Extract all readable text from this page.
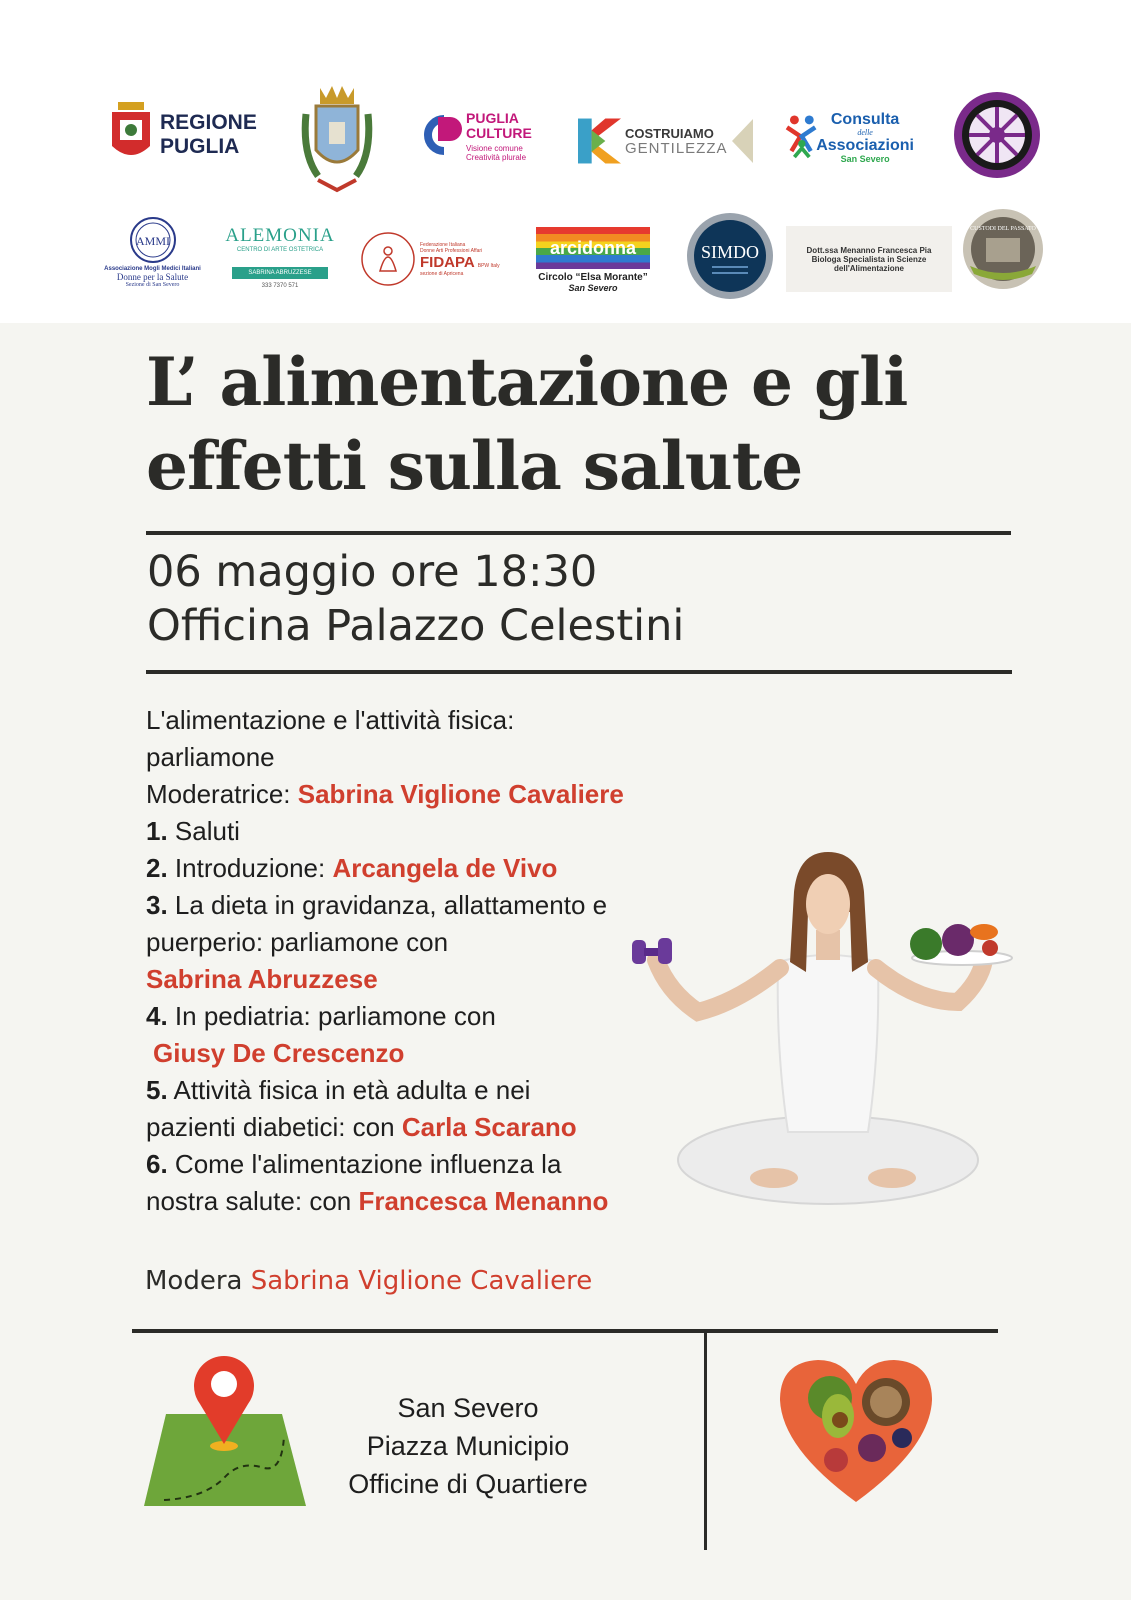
REGIONE
PUGLIA
PUGLIA
CULTURE
Visione comune
Creatività plurale
COSTRUIAMO
GENTILEZZA
Consulta
delle
Associazioni
San Severo
AMMI
Associazione Mogli Medici Italiani
Donne per la Salute
Sezione di San Severo
ALEMONIA
CENTRO DI ARTE OSTETRICA
SABRINA ABRUZZESE
333 7370 571
Federazione Italiana
Donne Arti Professioni Affari
FIDAPA BPW Italy
sezione di Apricena
arcidonna
Circolo “Elsa Morante”
San Severo
SIMDO	Dott.ssa Menanno Francesca Pia
Biologa Specialista in Scienze
dell'Alimentazione
CUSTODI DEL PASSATO
L’ alimentazione e gli
effetti sulla salute
06 maggio ore 18:30
Officina Palazzo Celestini

L'alimentazione e l'attività fisica:

parliamone

Moderatrice: Sabrina Viglione Cavaliere

1. Saluti

2. Introduzione: Arcangela de Vivo

3. La dieta in gravidanza, allattamento e

puerperio: parliamone con

Sabrina Abruzzese

4. In pediatria: parliamone con

Giusy De Crescenzo

5. Attività fisica in età adulta e nei

pazienti diabetici: con Carla Scarano

6. Come l'alimentazione influenza la

nostra salute: con Francesca Menanno

Modera Sabrina Viglione Cavaliere
San Severo
Piazza Municipio
Officine di Quartiere
